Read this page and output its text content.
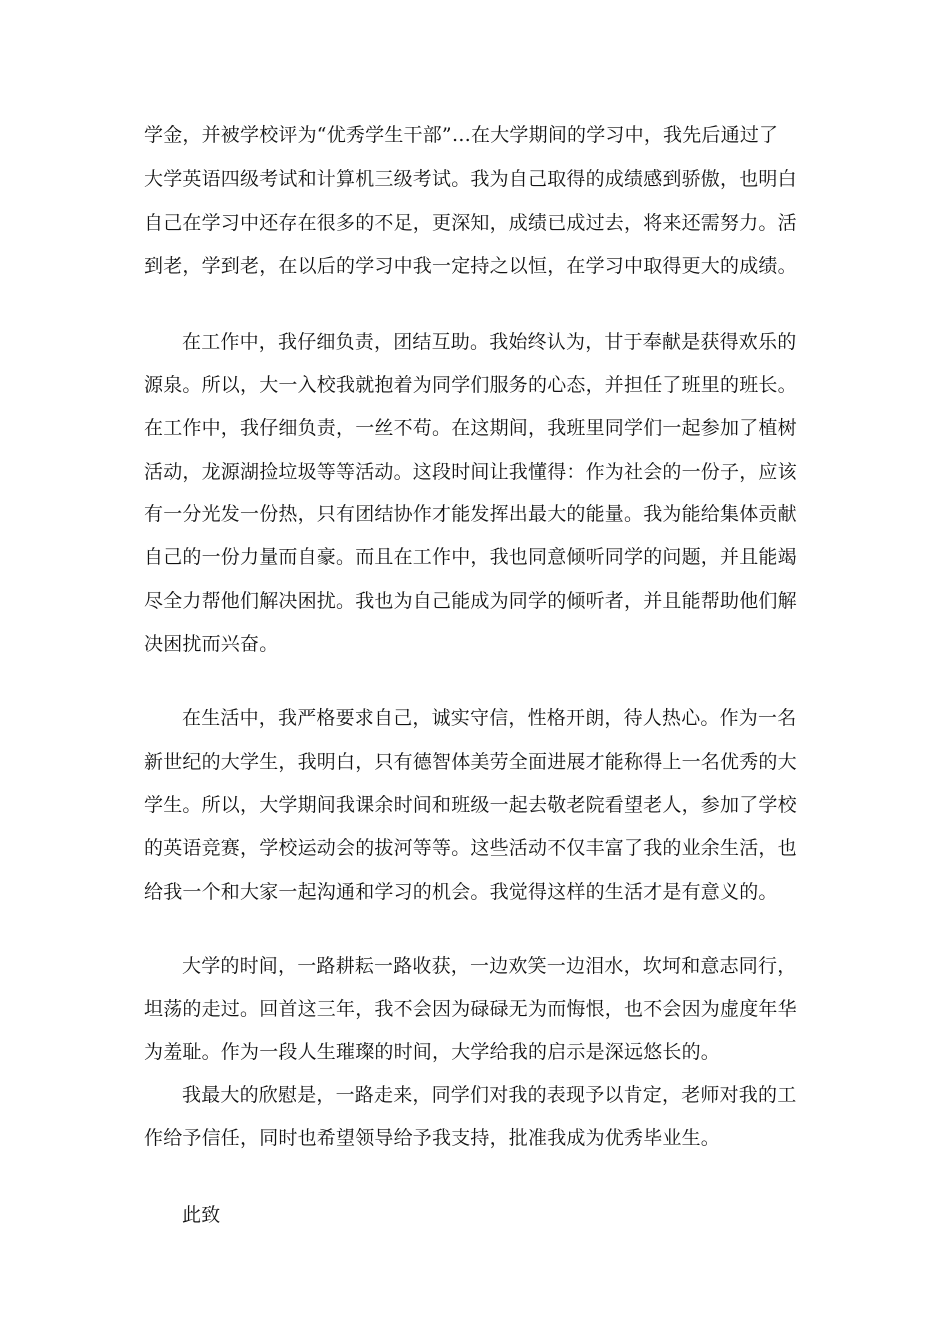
学金，并被学校评为“优秀学生干部”…在大学期间的学习中，我先后通过了
大学英语四级考试和计算机三级考试。我为自己取得的成绩感到骄傲，也明白
自己在学习中还存在很多的不足，更深知，成绩已成过去，将来还需努力。活
到老，学到老，在以后的学习中我一定持之以恒，在学习中取得更大的成绩。
在工作中，我仔细负责，团结互助。我始终认为，甘于奉献是获得欢乐的
源泉。所以，大一入校我就抱着为同学们服务的心态，并担任了班里的班长。
在工作中，我仔细负责，一丝不苟。在这期间，我班里同学们一起参加了植树
活动，龙源湖捡垃圾等等活动。这段时间让我懂得：作为社会的一份子，应该
有一分光发一份热，只有团结协作才能发挥出最大的能量。我为能给集体贡献
自己的一份力量而自豪。而且在工作中，我也同意倾听同学的问题，并且能竭
尽全力帮他们解决困扰。我也为自己能成为同学的倾听者，并且能帮助他们解
决困扰而兴奋。
在生活中，我严格要求自己，诚实守信，性格开朗，待人热心。作为一名
新世纪的大学生，我明白，只有德智体美劳全面进展才能称得上一名优秀的大
学生。所以，大学期间我课余时间和班级一起去敬老院看望老人，参加了学校
的英语竞赛，学校运动会的拔河等等。这些活动不仅丰富了我的业余生活，也
给我一个和大家一起沟通和学习的机会。我觉得这样的生活才是有意义的。
大学的时间，一路耕耘一路收获，一边欢笑一边泪水，坎坷和意志同行，
坦荡的走过。回首这三年，我不会因为碌碌无为而悔恨，也不会因为虚度年华
为羞耻。作为一段人生璀璨的时间，大学给我的启示是深远悠长的。
我最大的欣慰是，一路走来，同学们对我的表现予以肯定，老师对我的工
作给予信任，同时也希望领导给予我支持，批准我成为优秀毕业生。
此致
